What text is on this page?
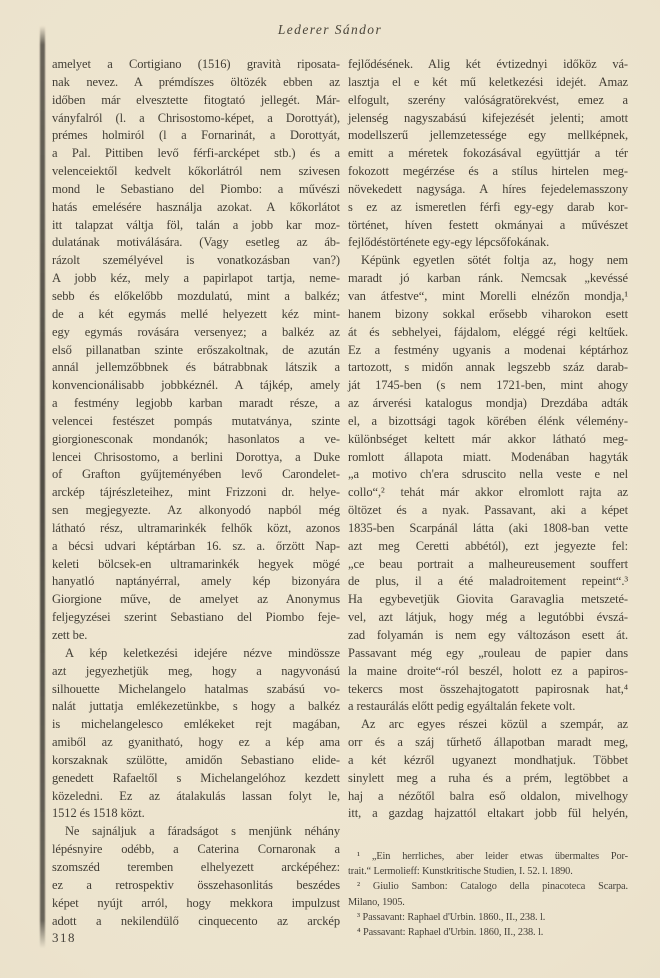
Lederer Sándor
amelyet a Cortigiano (1516) gravità riposata-
nak nevez. A prémdíszes öltözék ebben az
időben már elvesztette fitogtató jellegét. Már-
ványfalról (l. a Chrisostomo-képet, a Dorottyát),
prémes holmiról (l a Fornarinát, a Dorottyát,
a Pal. Pittiben levő férfi-arcképet stb.) és a
velenceiektől kedvelt kőkorlátról nem szivesen
mond le Sebastiano del Piombo: a művészi
hatás emelésére használja azokat. A kőkorlátot
itt talapzat váltja föl, talán a jobb kar moz-
dulatának motiválására. (Vagy esetleg az áb-
rázolt személyével is vonatkozásban van?)
A jobb kéz, mely a papirlapot tartja, neme-
sebb és előkelőbb mozdulatú, mint a balkéz;
de a két egymás mellé helyezett kéz mint-
egy egymás rovására versenyez; a balkéz az
első pillanatban szinte erőszakoltnak, de azután
annál jellemzőbbnek és bátrabbnak látszik a
konvencionálisabb jobbkéznél. A tájkép, amely
a festmény legjobb karban maradt része, a
velencei festészet pompás mutatványa, szinte
giorgionesconak mondanók; hasonlatos a ve-
lencei Chrisostomo, a berlini Dorottya, a Duke
of Grafton gyűjteményében levő Carondelet-
arckép tájrészleteihez, mint Frizzoni dr. helye-
sen megjegyezte. Az alkonyodó napból még
látható rész, ultramarinkék felhők közt, azonos
a bécsi udvari képtárban 16. sz. a. őrzött Nap-
keleti bölcsek-en ultramarinkék hegyek mögé
hanyatló naptányérral, amely kép bizonyára
Giorgione műve, de amelyet az Anonymus
feljegyzései szerint Sebastiano del Piombo feje-
zett be.
A kép keletkezési idejére nézve mindössze
azt jegyezhetjük meg, hogy a nagyvonású
silhouette Michelangelo hatalmas szabású vo-
nalát juttatja emlékezetünkbe, s hogy a balkéz
is michelangelesco emlékeket rejt magában,
amiből az gyanitható, hogy ez a kép ama
korszaknak szülötte, amidőn Sebastiano elide-
genedett Rafaeltől s Michelangelóhoz kezdett
közeledni. Ez az átalakulás lassan folyt le,
1512 és 1518 közt.
Ne sajnáljuk a fáradságot s menjünk néhány
lépésnyire odébb, a Caterina Cornaronak a
szomszéd teremben elhelyezett arcképéhez:
ez a retrospektiv összehasonlitás beszédes
képet nyújt arról, hogy mekkora impulzust
adott a nekilendülő cinquecento az arckép
fejlődésének. Alig két évtizednyi időköz vá-
lasztja el e két mű keletkezési idejét. Amaz
elfogult, szerény valóságratörekvést, emez a
jelenség nagyszabású kifejezését jelenti; amott
modellszerű jellemzetessége egy mellképnek,
emitt a méretek fokozásával együttjár a tér
fokozott megérzése és a stílus hirtelen meg-
növekedett nagysága. A híres fejedelemasszony
s ez az ismeretlen férfi egy-egy darab kor-
történet, híven festett okmányai a művészet
fejlődéstörténete egy-egy lépcsőfokának.
Képünk egyetlen sötét foltja az, hogy nem
maradt jó karban ránk. Nemcsak „kevéssé
van átfestve“, mint Morelli elnézőn mondja,¹
hanem bizony sokkal erősebb viharokon esett
át és sebhelyei, fájdalom, eléggé régi keltűek.
Ez a festmény ugyanis a modenai képtárhoz
tartozott, s midőn annak legszebb száz darab-
ját 1745-ben (s nem 1721-ben, mint ahogy
az árverési katalogus mondja) Drezdába adták
el, a bizottsági tagok körében élénk vélemény-
különbséget keltett már akkor látható meg-
romlott állapota miatt. Modenában hagyták
„a motivo ch'era sdruscito nella veste e nel
collo“,² tehát már akkor elromlott rajta az
öltözet és a nyak. Passavant, aki a képet
1835-ben Scarpánál látta (aki 1808-ban vette
azt meg Ceretti abbétól), ezt jegyezte fel:
„ce beau portrait a malheureusement souffert
de plus, il a été maladroitement repeint“.³
Ha egybevetjük Giovita Garavaglia metszeté-
vel, azt látjuk, hogy még a legutóbbi évszá-
zad folyamán is nem egy változáson esett át.
Passavant még egy „rouleau de papier dans
la maine droite“-ról beszél, holott ez a papiros-
tekercs most összehajtogatott papirosnak hat,⁴
a restaurálás előtt pedig egyáltalán fekete volt.
Az arc egyes részei közül a szempár, az
orr és a száj tűrhető állapotban maradt meg,
a két kézről ugyanezt mondhatjuk. Többet
sinylett meg a ruha és a prém, legtöbbet a
haj a nézőtől balra eső oldalon, mivelhogy
itt, a gazdag hajzattól eltakart jobb fül helyén,
¹ „Ein herrliches, aber leider etwas übermaltes Por-
trait.“ Lermolieff: Kunstkritische Studien, I. 52. l. 1890.
² Giulio Sambon: Catalogo della pinacoteca Scarpa.
Milano, 1905.
³ Passavant: Raphael d'Urbin. 1860., II., 238. l.
⁴ Passavant: Raphael d'Urbin. 1860, II., 238. l.
318
